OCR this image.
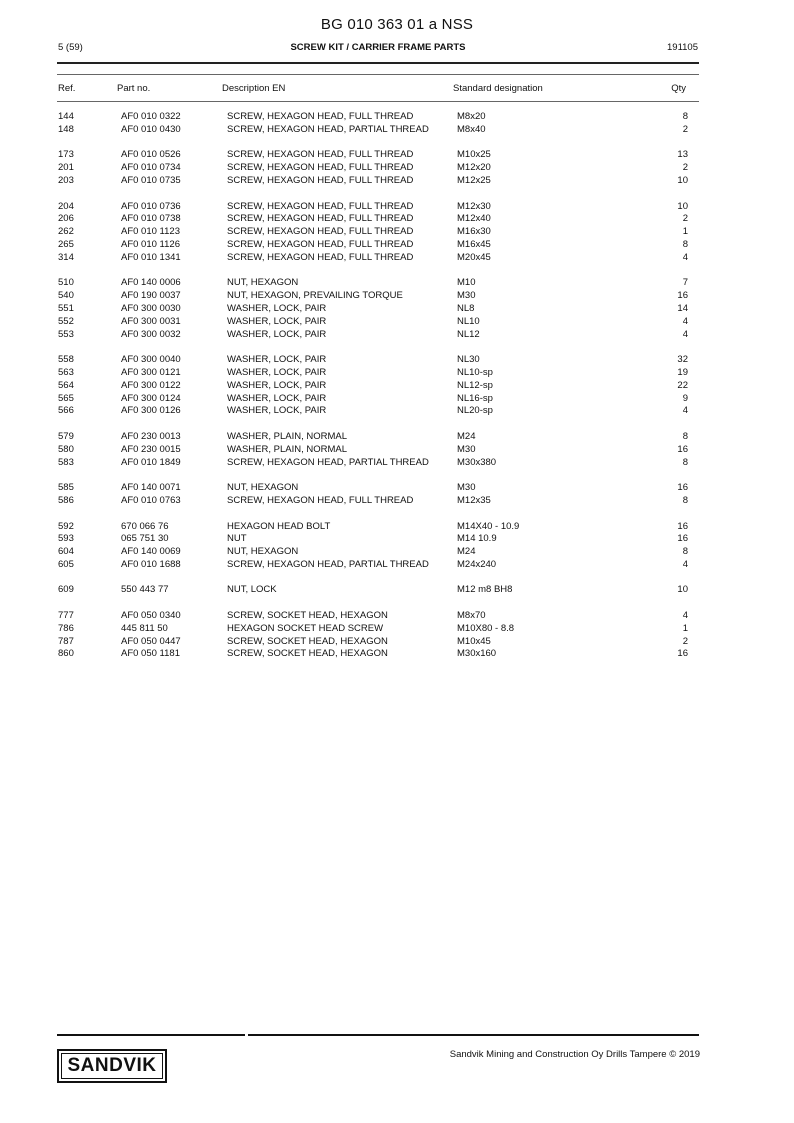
BG 010 363 01 a NSS
5 (59)	SCREW KIT / CARRIER FRAME PARTS	191105
Ref.	Part no.	Description EN	Standard designation	Qty
144	AF0 010 0322	SCREW, HEXAGON HEAD, FULL THREAD	M8x20	8
148	AF0 010 0430	SCREW, HEXAGON HEAD, PARTIAL THREAD	M8x40	2
173	AF0 010 0526	SCREW, HEXAGON HEAD, FULL THREAD	M10x25	13
201	AF0 010 0734	SCREW, HEXAGON HEAD, FULL THREAD	M12x20	2
203	AF0 010 0735	SCREW, HEXAGON HEAD, FULL THREAD	M12x25	10
204	AF0 010 0736	SCREW, HEXAGON HEAD, FULL THREAD	M12x30	10
206	AF0 010 0738	SCREW, HEXAGON HEAD, FULL THREAD	M12x40	2
262	AF0 010 1123	SCREW, HEXAGON HEAD, FULL THREAD	M16x30	1
265	AF0 010 1126	SCREW, HEXAGON HEAD, FULL THREAD	M16x45	8
314	AF0 010 1341	SCREW, HEXAGON HEAD, FULL THREAD	M20x45	4
510	AF0 140 0006	NUT, HEXAGON	M10	7
540	AF0 190 0037	NUT, HEXAGON, PREVAILING TORQUE	M30	16
551	AF0 300 0030	WASHER, LOCK, PAIR	NL8	14
552	AF0 300 0031	WASHER, LOCK, PAIR	NL10	4
553	AF0 300 0032	WASHER, LOCK, PAIR	NL12	4
558	AF0 300 0040	WASHER, LOCK, PAIR	NL30	32
563	AF0 300 0121	WASHER, LOCK, PAIR	NL10-sp	19
564	AF0 300 0122	WASHER, LOCK, PAIR	NL12-sp	22
565	AF0 300 0124	WASHER, LOCK, PAIR	NL16-sp	9
566	AF0 300 0126	WASHER, LOCK, PAIR	NL20-sp	4
579	AF0 230 0013	WASHER, PLAIN, NORMAL	M24	8
580	AF0 230 0015	WASHER, PLAIN, NORMAL	M30	16
583	AF0 010 1849	SCREW, HEXAGON HEAD, PARTIAL THREAD	M30x380	8
585	AF0 140 0071	NUT, HEXAGON	M30	16
586	AF0 010 0763	SCREW, HEXAGON HEAD, FULL THREAD	M12x35	8
592	670 066 76	HEXAGON HEAD BOLT	M14X40 - 10.9	16
593	065 751 30	NUT	M14 10.9	16
604	AF0 140 0069	NUT, HEXAGON	M24	8
605	AF0 010 1688	SCREW, HEXAGON HEAD, PARTIAL THREAD	M24x240	4
609	550 443 77	NUT, LOCK	M12 m8 BH8	10
777	AF0 050 0340	SCREW, SOCKET HEAD, HEXAGON	M8x70	4
786	445 811 50	HEXAGON SOCKET HEAD SCREW	M10X80 - 8.8	1
787	AF0 050 0447	SCREW, SOCKET HEAD, HEXAGON	M10x45	2
860	AF0 050 1181	SCREW, SOCKET HEAD, HEXAGON	M30x160	16
SANDVIK
Sandvik Mining and Construction Oy Drills Tampere © 2019
